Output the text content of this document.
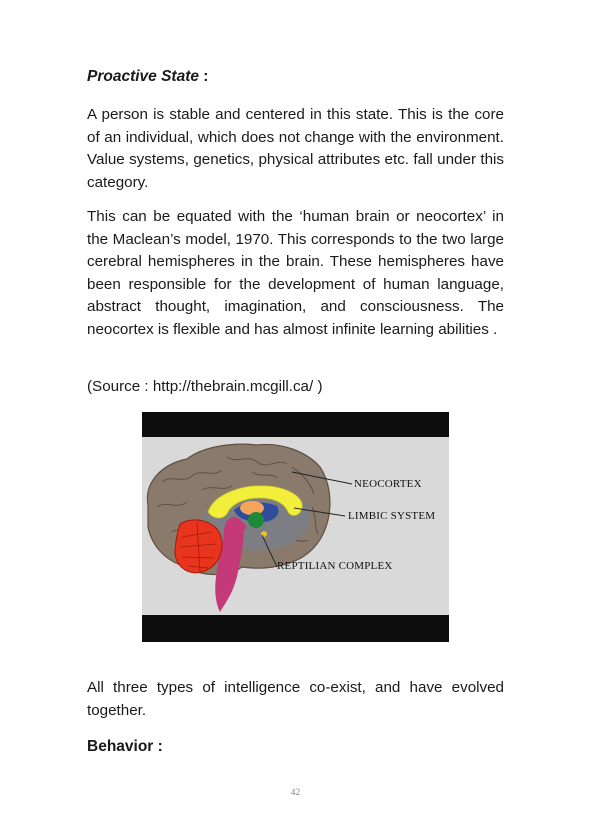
Proactive State :

A person is stable and centered in this state. This is the core of an individual, which does not change with the environment. Value systems, genetics, physical attributes etc. fall under this category.

This can be equated with the ‘human brain or neocortex’ in the Maclean’s model, 1970. This corresponds to the two large cerebral hemispheres in the brain. These hemispheres have been responsible for the development of human language, abstract thought, imagination, and consciousness. The neocortex is flexible and has almost infinite learning abilities .

(Source : http://thebrain.mcgill.ca/ )

NEOCORTEX
LIMBIC SYSTEM
REPTILIAN COMPLEX

All three types of intelligence co-exist, and have evolved together.

Behavior :
42
